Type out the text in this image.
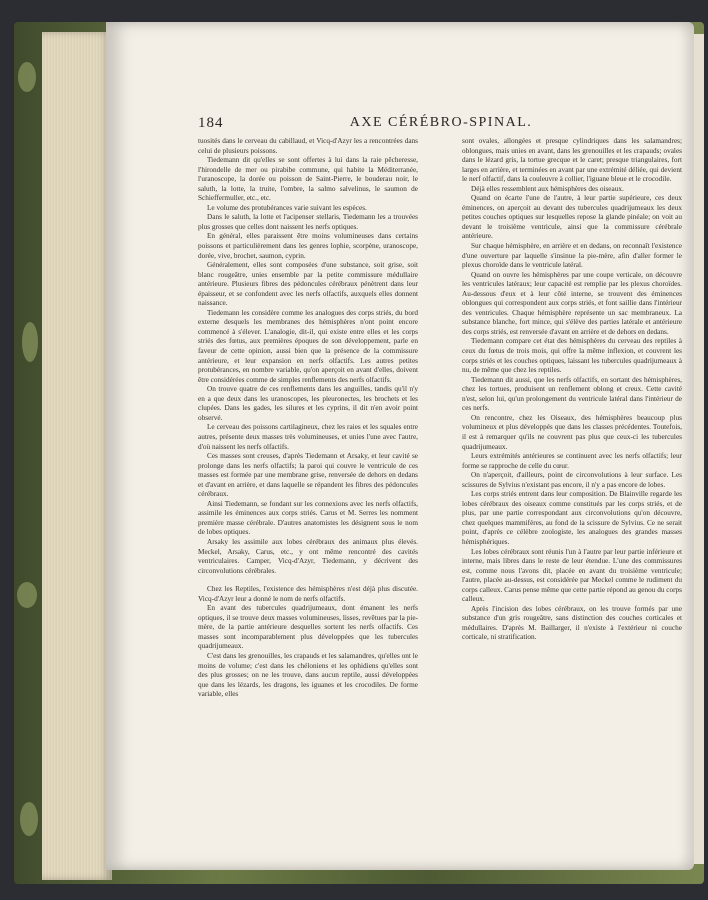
184	AXE CÉRÉBRO-SPINAL.

tuosités dans le cerveau du cabillaud, et Vicq-d'Azyr les a rencontrées dans celui de plusieurs poissons.

Tiedemann dit qu'elles se sont offertes à lui dans la raie pêcheresse, l'hirondelle de mer ou pirabibe commune, qui habite la Méditerranée, l'uranoscope, la dorée ou poisson de Saint-Pierre, le bouderau noir, le saluth, la lotte, la truite, l'ombre, la salmo salvelinus, le saumon de Schieffermuller, etc., etc.

Le volume des protubérances varie suivant les espèces.

Dans le saluth, la lotte et l'acipenser stellaris, Tiedemann les a trouvées plus grosses que celles dont naissent les nerfs optiques.

En général, elles paraissent être moins volumineuses dans certains poissons et particulièrement dans les genres lophie, scorpène, uranoscope, dorée, vive, brochet, saumon, cyprin.

Généralement, elles sont composées d'une substance, soit grise, soit blanc rougeâtre, unies ensemble par la petite commissure médullaire antérieure. Plusieurs fibres des pédoncules cérébraux pénètrent dans leur épaisseur, et se confondent avec les nerfs olfactifs, auxquels elles donnent naissance.

Tiedemann les considère comme les analogues des corps striés, du bord externe desquels les membranes des hémisphères n'ont point encore commencé à s'élever. L'analogie, dit-il, qui existe entre elles et les corps striés des fœtus, aux premières époques de son développement, parle en faveur de cette opinion, aussi bien que la présence de la commissure antérieure, et leur expansion en nerfs olfactifs. Les autres petites protubérances, en nombre variable, qu'on aperçoit en avant d'elles, doivent être considérées comme de simples renflements des nerfs olfactifs.

On trouve quatre de ces renflements dans les anguilles, tandis qu'il n'y en a que deux dans les uranoscopes, les pleuronectes, les brochets et les clupées. Dans les gades, les silures et les cyprins, il dit n'en avoir point observé.

Le cerveau des poissons cartilagineux, chez les raies et les squales entre autres, présente deux masses très volumineuses, et unies l'une avec l'autre, d'où naissent les nerfs olfactifs.

Ces masses sont creuses, d'après Tiedemann et Arsaky, et leur cavité se prolonge dans les nerfs olfactifs; la paroi qui couvre le ventricule de ces masses est formée par une membrane grise, renversée de dehors en dedans et d'avant en arrière, et dans laquelle se répandent les fibres des pédoncules cérébraux.

Ainsi Tiedemann, se fondant sur les connexions avec les nerfs olfactifs, assimile les éminences aux corps striés. Carus et M. Serres les nomment première masse cérébrale. D'autres anatomistes les désignent sous le nom de lobes optiques.

Arsaky les assimile aux lobes cérébraux des animaux plus élevés. Meckel, Arsaky, Carus, etc., y ont même rencontré des cavités ventriculaires. Camper, Vicq-d'Azyr, Tiedemann, y décrivent des circonvolutions cérébrales.

Chez les Reptiles, l'existence des hémisphères n'est déjà plus discutée. Vicq-d'Azyr leur a donné le nom de nerfs olfactifs.

En avant des tubercules quadrijumeaux, dont émanent les nerfs optiques, il se trouve deux masses volumineuses, lisses, revêtues par la pie-mère, de la partie antérieure desquelles sortent les nerfs olfactifs. Ces masses sont incomparablement plus développées que les tubercules quadrijumeaux.

C'est dans les grenouilles, les crapauds et les salamandres, qu'elles ont le moins de volume; c'est dans les chéloniens et les ophidiens qu'elles sont des plus grosses; on ne les trouve, dans aucun reptile, aussi développées que dans les lézards, les dragons, les iguanes et les crocodiles. De forme variable, elles

sont ovales, allongées et presque cylindriques dans les salamandres; oblongues, mais unies en avant, dans les grenouilles et les crapauds; ovales dans le lézard gris, la tortue grecque et le caret; presque triangulaires, fort larges en arrière, et terminées en avant par une extrémité déliée, qui devient le nerf olfactif, dans la couleuvre à collier, l'iguane bleue et le crocodile.

Déjà elles ressemblent aux hémisphères des oiseaux.

Quand on écarte l'une de l'autre, à leur partie supérieure, ces deux éminences, on aperçoit au devant des tubercules quadrijumeaux les deux petites couches optiques sur lesquelles repose la glande pinéale; on voit au devant le troisième ventricule, ainsi que la commissure cérébrale antérieure.

Sur chaque hémisphère, en arrière et en dedans, on reconnaît l'existence d'une ouverture par laquelle s'insinue la pie-mère, afin d'aller former le plexus choroïde dans le ventricule latéral.

Quand on ouvre les hémisphères par une coupe verticale, on découvre les ventricules latéraux; leur capacité est remplie par les plexus choroïdes. Au-dessous d'eux et à leur côté interne, se trouvent des éminences oblongues qui correspondent aux corps striés, et font saillie dans l'intérieur des ventricules. Chaque hémisphère représente un sac membraneux. La substance blanche, fort mince, qui s'élève des parties latérale et antérieure des corps striés, est renversée d'avant en arrière et de dehors en dedans.

Tiedemann compare cet état des hémisphères du cerveau des reptiles à ceux du fœtus de trois mois, qui offre la même inflexion, et couvrent les corps striés et les couches optiques, laissant les tubercules quadrijumeaux à nu, de même que chez les reptiles.

Tiedemann dit aussi, que les nerfs olfactifs, en sortant des hémisphères, chez les tortues, produisent un renflement oblong et creux. Cette cavité n'est, selon lui, qu'un prolongement du ventricule latéral dans l'intérieur de ces nerfs.

On rencontre, chez les Oiseaux, des hémisphères beaucoup plus volumineux et plus développés que dans les classes précédentes. Toutefois, il est à remarquer qu'ils ne couvrent pas plus que ceux-ci les tubercules quadrijumeaux.

Leurs extrémités antérieures se continuent avec les nerfs olfactifs; leur forme se rapproche de celle du cœur.

On n'aperçoit, d'ailleurs, point de circonvolutions à leur surface. Les scissures de Sylvius n'existant pas encore, il n'y a pas encore de lobes.

Les corps striés entrent dans leur composition. De Blainville regarde les lobes cérébraux des oiseaux comme constitués par les corps striés, et de plus, par une partie correspondant aux circonvolutions qu'on découvre, chez quelques mammifères, au fond de la scissure de Sylvius. Ce ne serait point, d'après ce célèbre zoologiste, les analogues des grandes masses hémisphériques.

Les lobes cérébraux sont réunis l'un à l'autre par leur partie inférieure et interne, mais libres dans le reste de leur étendue. L'une des commissures est, comme nous l'avons dit, placée en avant du troisième ventricule; l'autre, placée au-dessus, est considérée par Meckel comme le rudiment du corps calleux. Carus pense même que cette partie répond au genou du corps calleux.

Après l'incision des lobes cérébraux, on les trouve formés par une substance d'un gris rougeâtre, sans distinction des couches corticales et médullaires. D'après M. Baillarger, il n'existe à l'extérieur ni couche corticale, ni stratification.
